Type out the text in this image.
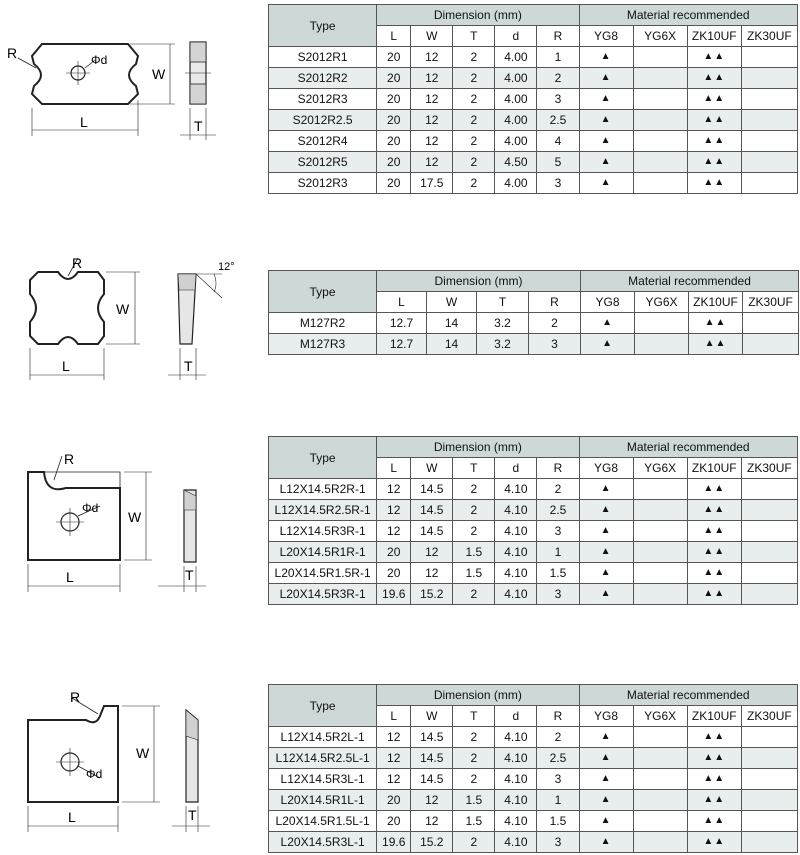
Φd
R
L
W
T
Type	Dimension (mm)					Material recommended			
	L	W	T	d	R	YG8	YG6X	ZK10UF	ZK30UF
S2012R1	20	12	2	4.00	1	▲		▲▲	
S2012R2	20	12	2	4.00	2	▲		▲▲	
S2012R3	20	12	2	4.00	3	▲		▲▲	
S2012R2.5	20	12	2	4.00	2.5	▲		▲▲	
S2012R4	20	12	2	4.00	4	▲		▲▲	
S2012R5	20	12	2	4.50	5	▲		▲▲	
S2012R3	20	17.5	2	4.00	3	▲		▲▲	
R
L
W
12°
T
Type	Dimension (mm)				Material recommended			
	L	W	T	R	YG8	YG6X	ZK10UF	ZK30UF
M127R2	12.7	14	3.2	2	▲		▲▲	
M127R3	12.7	14	3.2	3	▲		▲▲	
R
Φd
L
W
T
Type	Dimension (mm)					Material recommended			
	L	W	T	d	R	YG8	YG6X	ZK10UF	ZK30UF
L12X14.5R2R-1	12	14.5	2	4.10	2	▲		▲▲	
L12X14.5R2.5R-1	12	14.5	2	4.10	2.5	▲		▲▲	
L12X14.5R3R-1	12	14.5	2	4.10	3	▲		▲▲	
L20X14.5R1R-1	20	12	1.5	4.10	1	▲		▲▲	
L20X14.5R1.5R-1	20	12	1.5	4.10	1.5	▲		▲▲	
L20X14.5R3R-1	19.6	15.2	2	4.10	3	▲		▲▲	
R
Φd
L
W
T
Type	Dimension (mm)					Material recommended			
	L	W	T	d	R	YG8	YG6X	ZK10UF	ZK30UF
L12X14.5R2L-1	12	14.5	2	4.10	2	▲		▲▲	
L12X14.5R2.5L-1	12	14.5	2	4.10	2.5	▲		▲▲	
L12X14.5R3L-1	12	14.5	2	4.10	3	▲		▲▲	
L20X14.5R1L-1	20	12	1.5	4.10	1	▲		▲▲	
L20X14.5R1.5L-1	20	12	1.5	4.10	1.5	▲		▲▲	
L20X14.5R3L-1	19.6	15.2	2	4.10	3	▲		▲▲	
